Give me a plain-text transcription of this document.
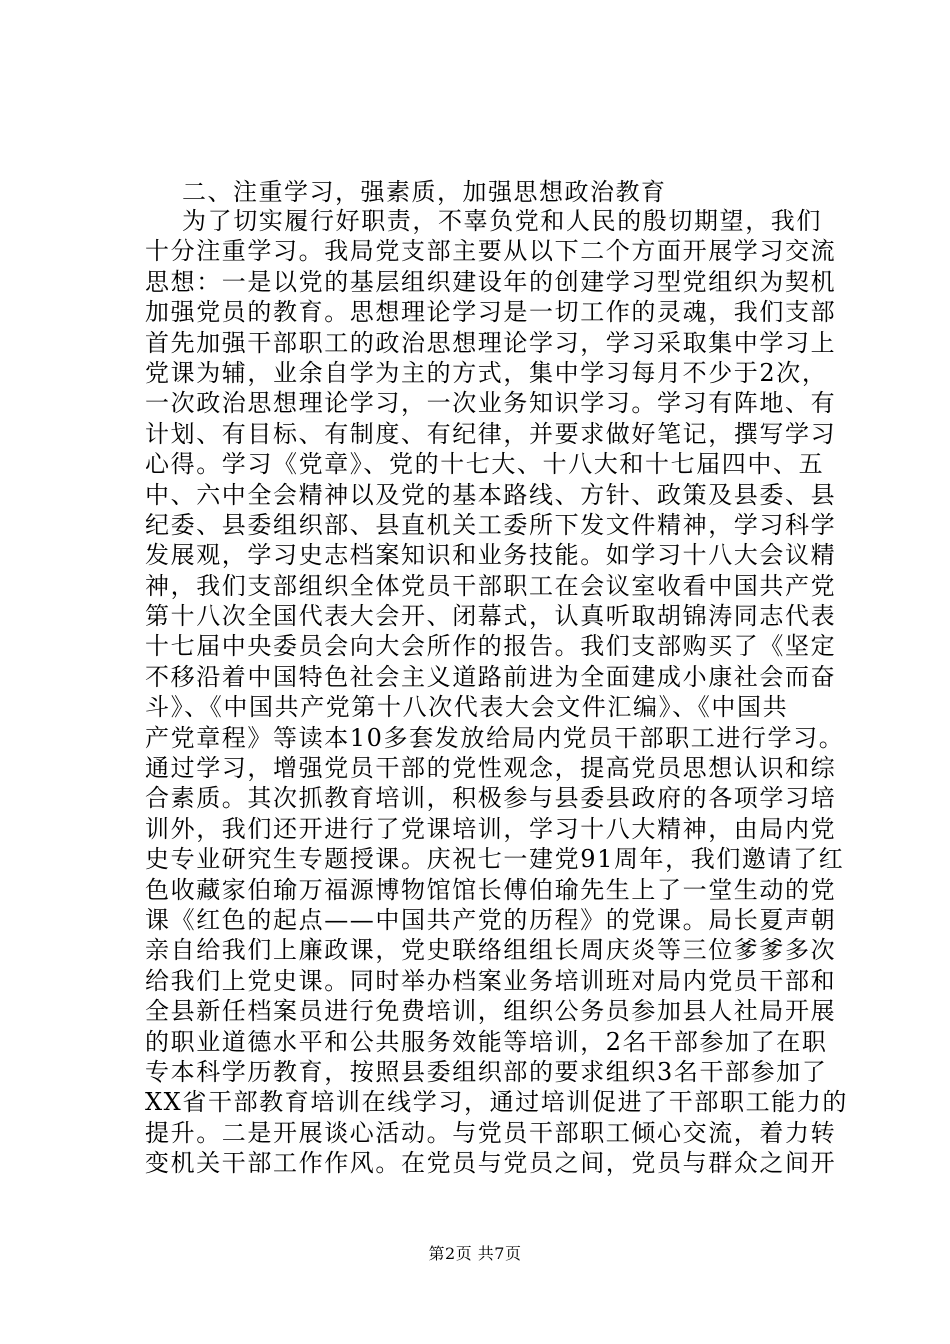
二、注重学习，强素质，加强思想政治教育
为了切实履行好职责，不辜负党和人民的殷切期望，我们
十分注重学习。我局党支部主要从以下二个方面开展学习交流
思想：一是以党的基层组织建设年的创建学习型党组织为契机
加强党员的教育。思想理论学习是一切工作的灵魂，我们支部
首先加强干部职工的政治思想理论学习，学习采取集中学习上
党课为辅，业余自学为主的方式，集中学习每月不少于2次，
一次政治思想理论学习，一次业务知识学习。学习有阵地、有
计划、有目标、有制度、有纪律，并要求做好笔记，撰写学习
心得。学习《党章》、党的十七大、十八大和十七届四中、五
中、六中全会精神以及党的基本路线、方针、政策及县委、县
纪委、县委组织部、县直机关工委所下发文件精神，学习科学
发展观，学习史志档案知识和业务技能。如学习十八大会议精
神，我们支部组织全体党员干部职工在会议室收看中国共产党
第十八次全国代表大会开、闭幕式，认真听取胡锦涛同志代表
十七届中央委员会向大会所作的报告。我们支部购买了《坚定
不移沿着中国特色社会主义道路前进为全面建成小康社会而奋
斗》、《中国共产党第十八次代表大会文件汇编》、《中国共
产党章程》等读本10多套发放给局内党员干部职工进行学习。
通过学习，增强党员干部的党性观念，提高党员思想认识和综
合素质。其次抓教育培训，积极参与县委县政府的各项学习培
训外，我们还开进行了党课培训，学习十八大精神，由局内党
史专业研究生专题授课。庆祝七一建党91周年，我们邀请了红
色收藏家伯瑜万福源博物馆馆长傅伯瑜先生上了一堂生动的党
课《红色的起点——中国共产党的历程》的党课。局长夏声朝
亲自给我们上廉政课，党史联络组组长周庆炎等三位爹爹多次
给我们上党史课。同时举办档案业务培训班对局内党员干部和
全县新任档案员进行免费培训，组织公务员参加县人社局开展
的职业道德水平和公共服务效能等培训，2名干部参加了在职
专本科学历教育，按照县委组织部的要求组织3名干部参加了
XX省干部教育培训在线学习，通过培训促进了干部职工能力的
提升。二是开展谈心活动。与党员干部职工倾心交流，着力转
变机关干部工作作风。在党员与党员之间，党员与群众之间开
第2页 共7页
